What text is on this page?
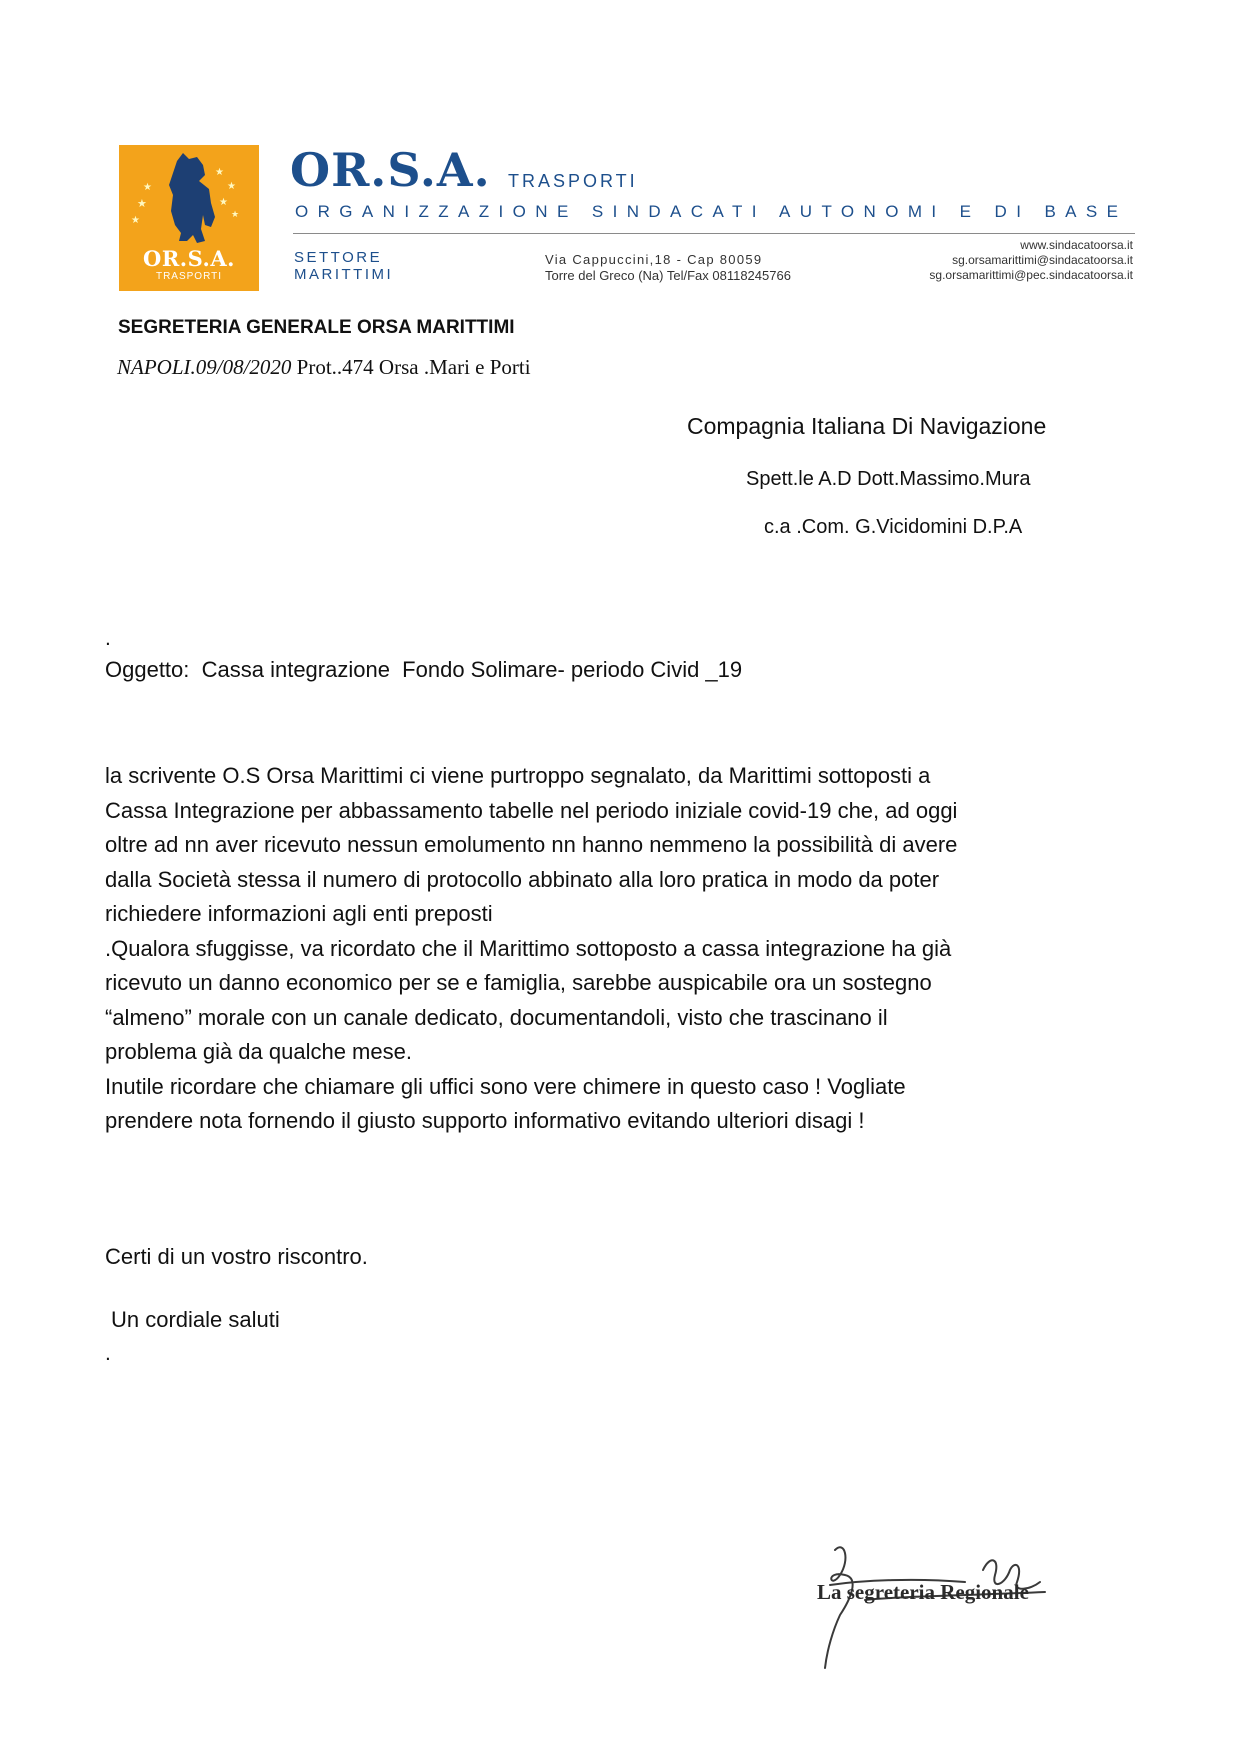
★
★
★
★
★
★
★
OR.S.A.
TRASPORTI
OR.S.A. TRASPORTI
ORGANIZZAZIONE SINDACATI AUTONOMI E DI BASE
SETTORE
MARITTIMI
Via Cappuccini,18 - Cap 80059
Torre del Greco (Na) Tel/Fax 08118245766
www.sindacatoorsa.it
sg.orsamarittimi@sindacatoorsa.it
sg.orsamarittimi@pec.sindacatoorsa.it
SEGRETERIA GENERALE ORSA MARITTIMI
NAPOLI.09/08/2020 Prot..474 Orsa .Mari e Porti
Compagnia Italiana Di Navigazione
Spett.le A.D Dott.Massimo.Mura
c.a .Com. G.Vicidomini D.P.A
.
Oggetto:  Cassa integrazione  Fondo Solimare- periodo Civid _19
la scrivente O.S Orsa Marittimi ci viene purtroppo segnalato, da Marittimi sottoposti a
Cassa Integrazione per abbassamento tabelle nel periodo iniziale covid-19 che, ad oggi
oltre ad nn aver ricevuto nessun emolumento nn hanno nemmeno la possibilità di avere
dalla Società stessa il numero di protocollo abbinato alla loro pratica in modo da poter
richiedere informazioni agli enti preposti
.Qualora sfuggisse, va ricordato che il Marittimo sottoposto a cassa integrazione ha già
ricevuto un danno economico per se e famiglia, sarebbe auspicabile ora un sostegno
“almeno” morale con un canale dedicato, documentandoli, visto che trascinano il
problema già da qualche mese.
Inutile ricordare che chiamare gli uffici sono vere chimere in questo caso ! Vogliate
prendere nota fornendo il giusto supporto informativo evitando ulteriori disagi !
Certi di un vostro riscontro.
Un cordiale saluti
.
La segreteria Regionale
